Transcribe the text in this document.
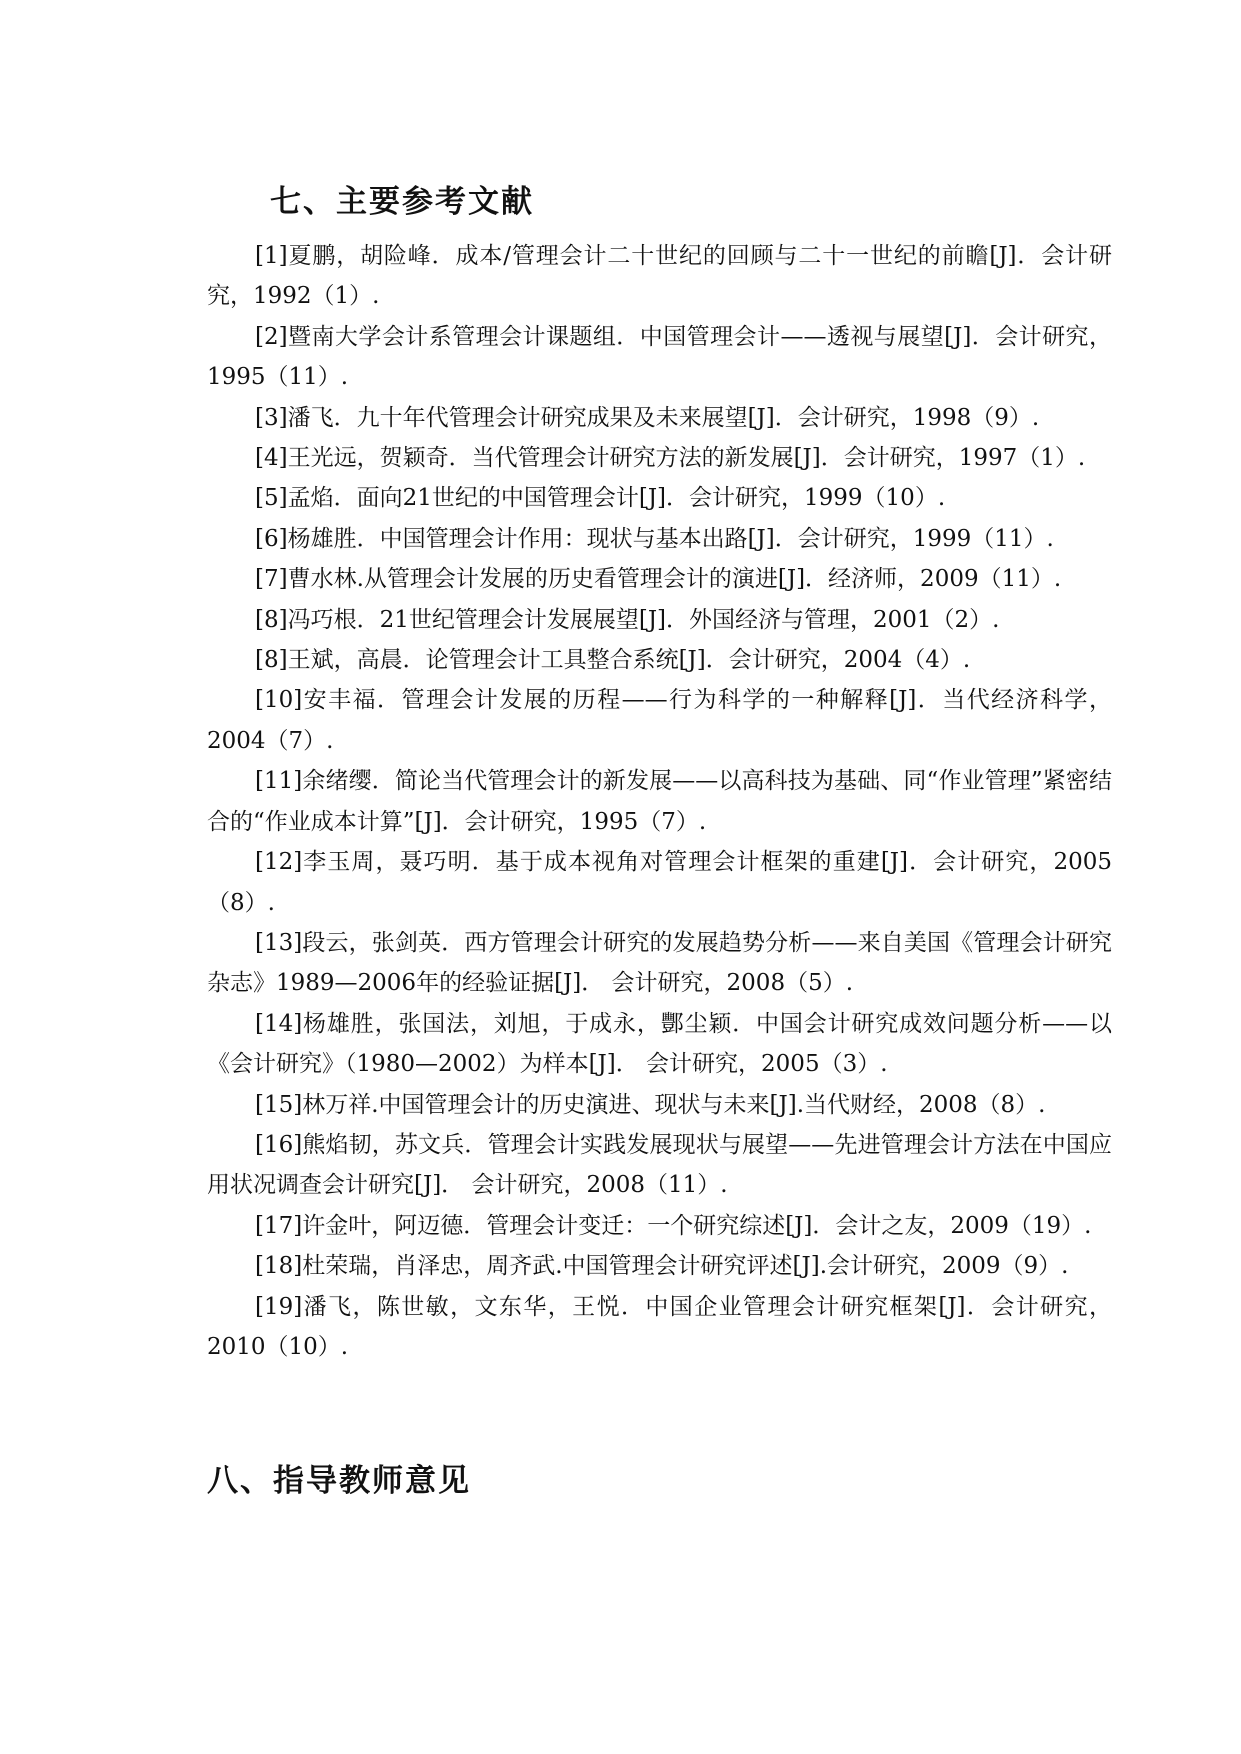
七、主要参考文献
[1]夏鹏，胡险峰．成本/管理会计二十世纪的回顾与二十一世纪的前瞻[J]．会计研究，1992（1）.
[2]暨南大学会计系管理会计课题组．中国管理会计——透视与展望[J]．会计研究，1995（11）.
[3]潘飞．九十年代管理会计研究成果及未来展望[J]．会计研究，1998（9）.
[4]王光远，贺颖奇．当代管理会计研究方法的新发展[J]．会计研究，1997（1）.
[5]孟焰．面向21世纪的中国管理会计[J]．会计研究，1999（10）.
[6]杨雄胜．中国管理会计作用：现状与基本出路[J]．会计研究，1999（11）.
[7]曹水林.从管理会计发展的历史看管理会计的演进[J]．经济师，2009（11）.
[8]冯巧根．21世纪管理会计发展展望[J]．外国经济与管理，2001（2）.
[8]王斌，高晨．论管理会计工具整合系统[J]．会计研究，2004（4）.
[10]安丰福．管理会计发展的历程——行为科学的一种解释[J]．当代经济科学，2004（7）.
[11]余绪缨．简论当代管理会计的新发展——以高科技为基础、同“作业管理”紧密结合的“作业成本计算”[J]．会计研究，1995（7）.
[12]李玉周，聂巧明．基于成本视角对管理会计框架的重建[J]．会计研究，2005（8）.
[13]段云，张剑英．西方管理会计研究的发展趋势分析——来自美国《管理会计研究杂志》1989—2006年的经验证据[J]． 会计研究，2008（5）.
[14]杨雄胜，张国法，刘旭，于成永，酆尘颖．中国会计研究成效问题分析——以《会计研究》（1980—2002）为样本[J]． 会计研究，2005（3）.
[15]林万祥.中国管理会计的历史演进、现状与未来[J].当代财经，2008（8）.
[16]熊焰韧，苏文兵．管理会计实践发展现状与展望——先进管理会计方法在中国应用状况调查会计研究[J]． 会计研究，2008（11）.
[17]许金叶，阿迈德．管理会计变迁：一个研究综述[J]．会计之友，2009（19）.
[18]杜荣瑞，肖泽忠，周齐武.中国管理会计研究评述[J].会计研究，2009（9）.
[19]潘飞，陈世敏，文东华，王悦．中国企业管理会计研究框架[J]．会计研究，2010（10）.
八、指导教师意见
